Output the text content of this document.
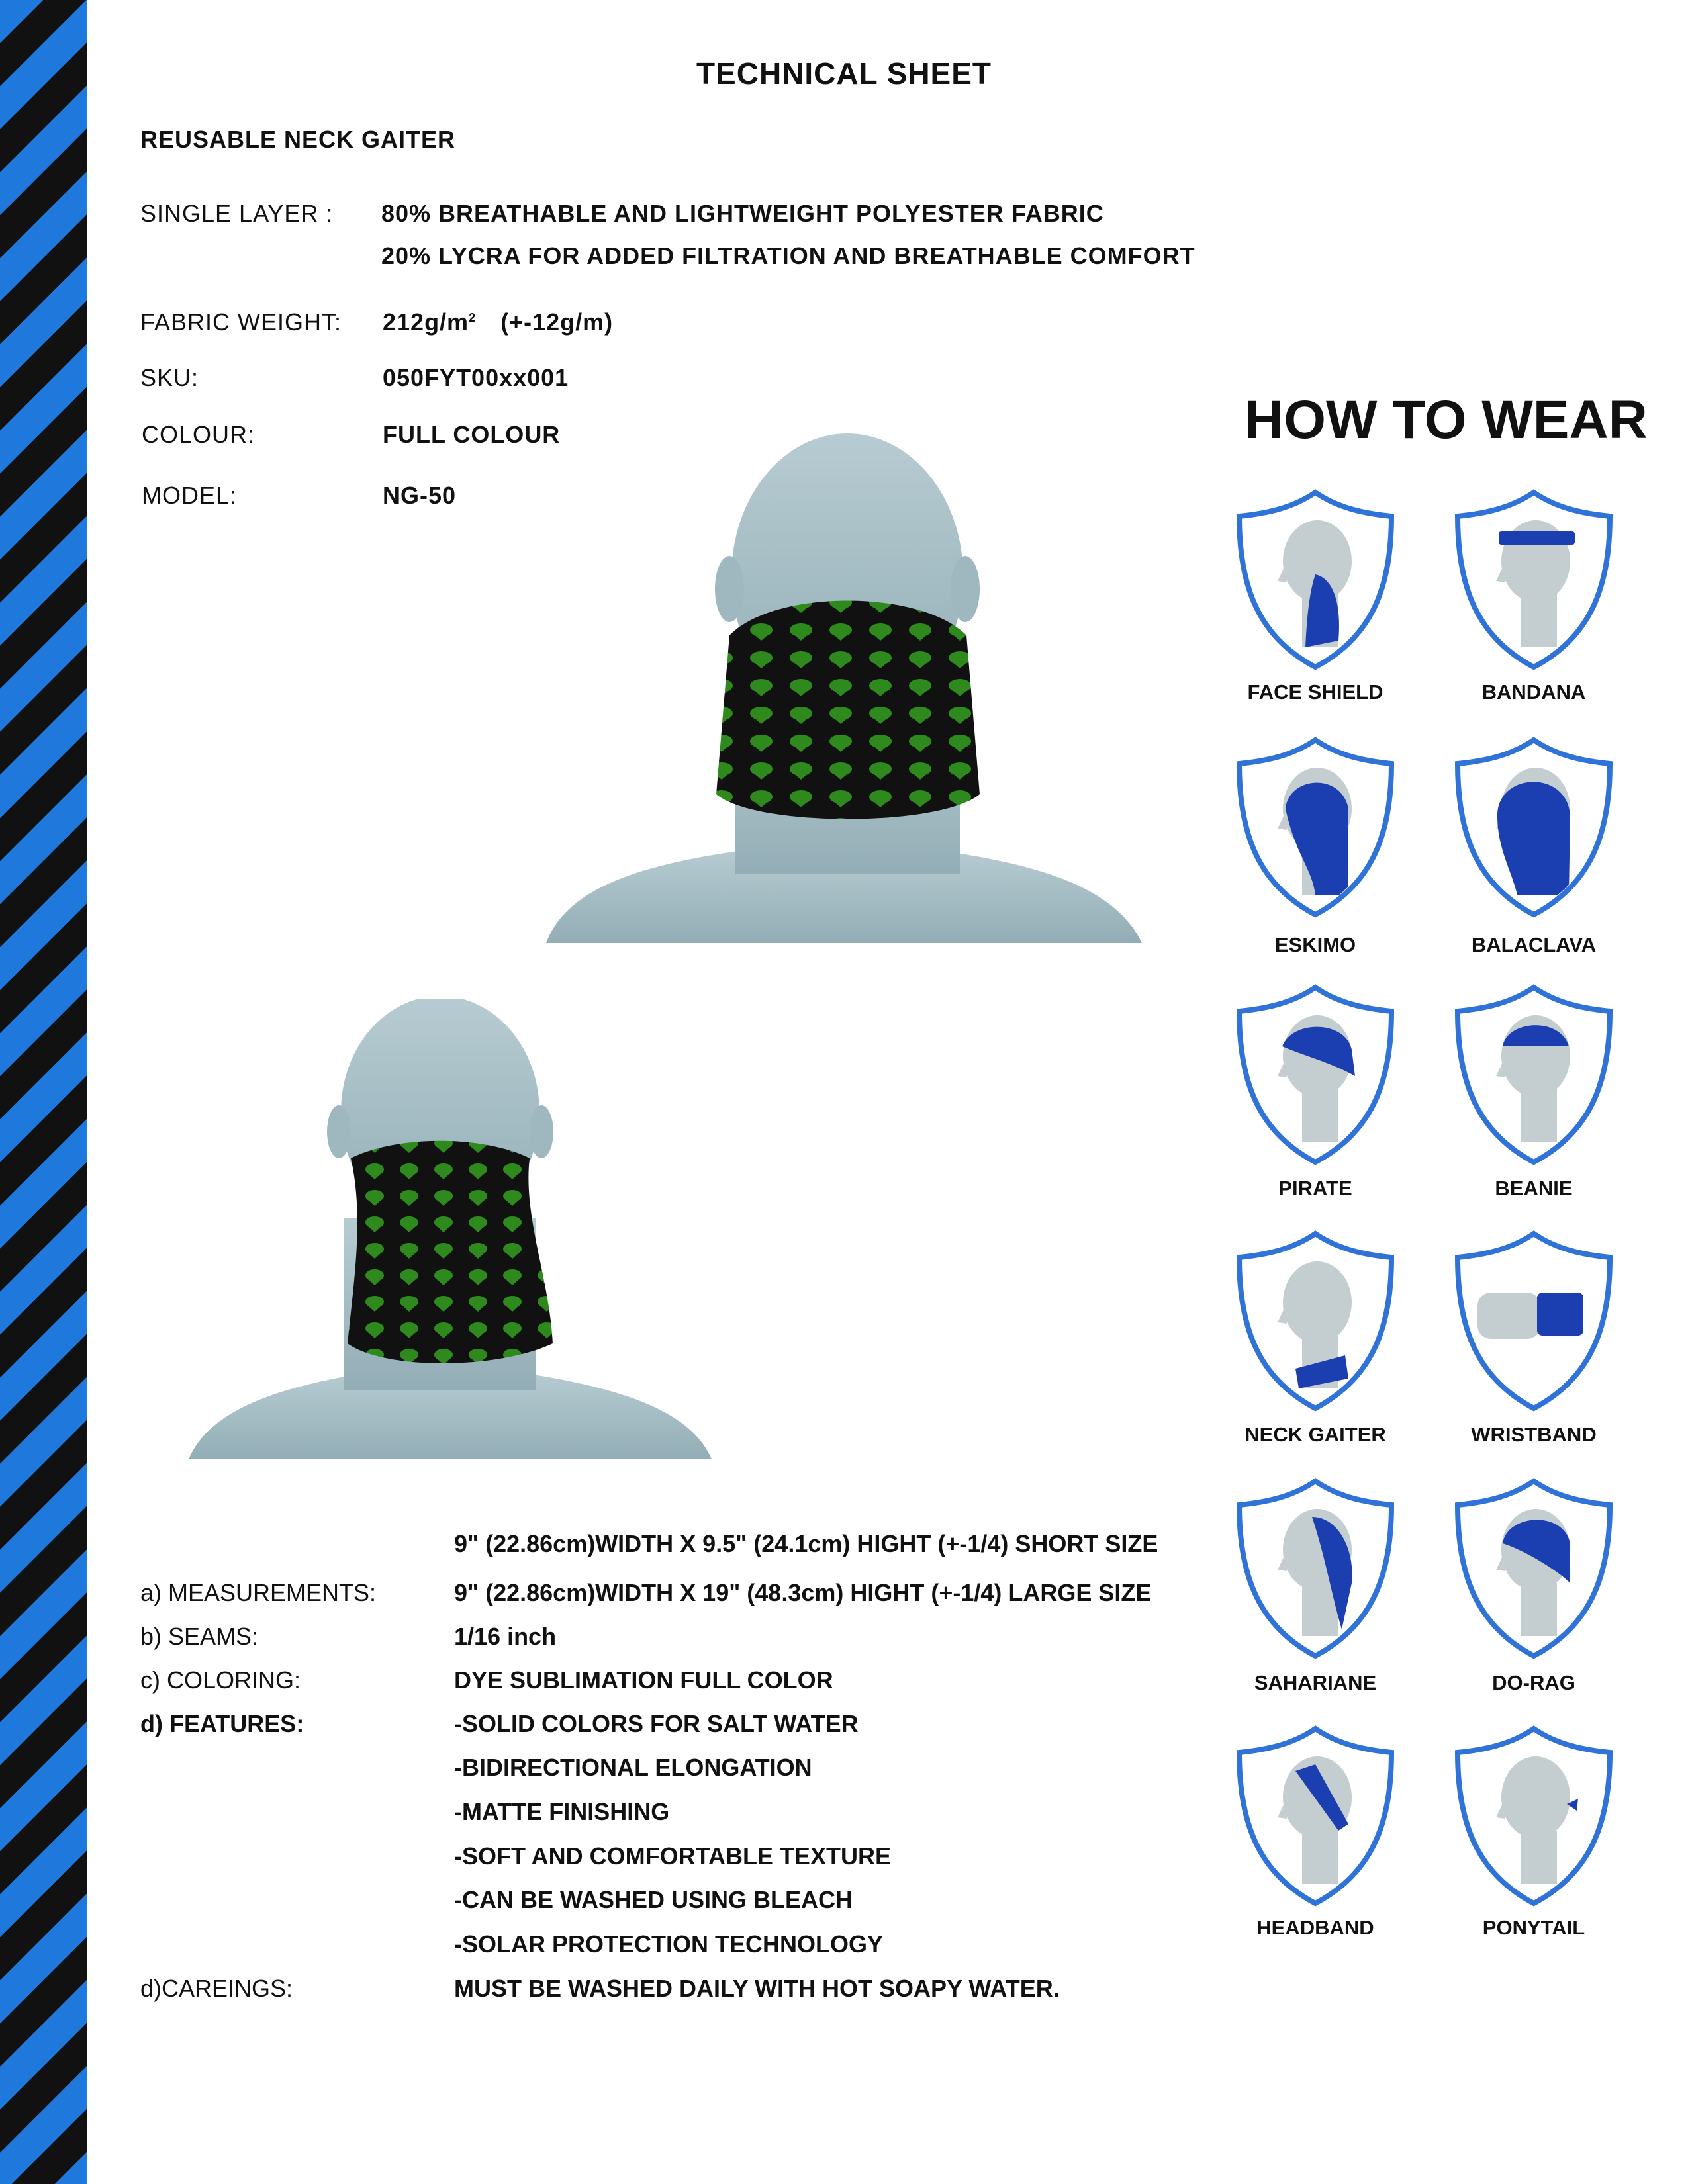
TECHNICAL SHEET
REUSABLE NECK GAITER
SINGLE LAYER : 80% BREATHABLE AND LIGHTWEIGHT POLYESTER FABRIC
20% LYCRA FOR ADDED FILTRATION AND BREATHABLE COMFORT
FABRIC WEIGHT: $212g/m^2$ (+-12g/m)
SKU:	050FYT00xx001
COLOUR:	FULL COLOUR
MODEL:	NG-50
HOW TO WEAR
FACE SHIELD	BANDANA
ESKIMO	BALACLAVA
PIRATE	BEANIE
NECK GAITER	WRISTBAND
SAHARIANE	DO-RAG
HEADBAND	PONYTAIL
9" (22.86cm)WIDTH X 9.5" (24.1cm) HIGHT (+-1/4) SHORT SIZE
a) MEASUREMENTS:	9" (22.86cm)WIDTH X 19" (48.3cm) HIGHT (+-1/4) LARGE SIZE
b) SEAMS:	1/16 inch
c) COLORING:	DYE SUBLIMATION FULL COLOR
d) FEATURES:	-SOLID COLORS FOR SALT WATER
-BIDIRECTIONAL ELONGATION
-MATTE FINISHING
-SOFT AND COMFORTABLE TEXTURE
-CAN BE WASHED USING BLEACH
-SOLAR PROTECTION TECHNOLOGY
d)CAREINGS:	MUST BE WASHED DAILY WITH HOT SOAPY WATER.
